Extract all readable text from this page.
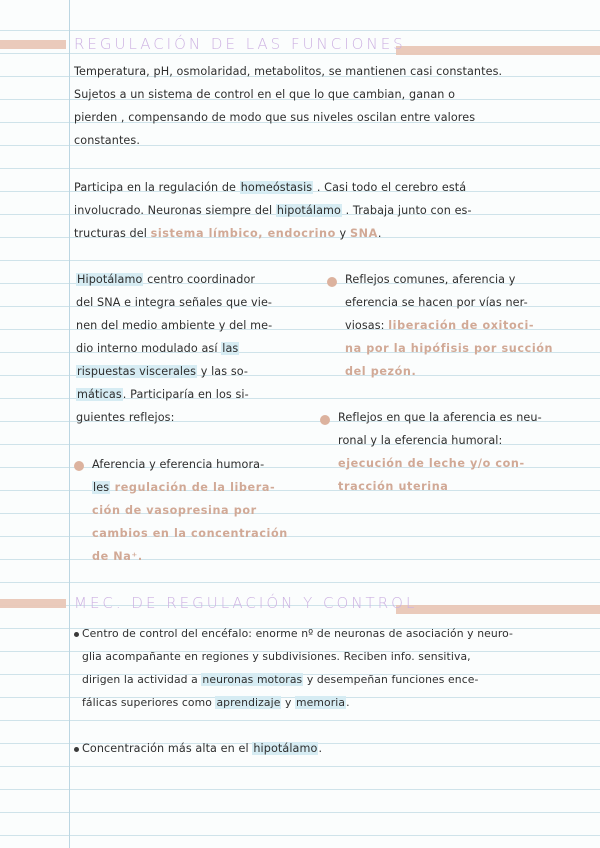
REGULACIÓN DE LAS FUNCIONES
Temperatura, pH, osmolaridad, metabolitos, se mantienen casi constantes.
Sujetos a un sistema de control en el que lo que cambian, ganan o
pierden , compensando de modo que sus niveles oscilan entre valores
constantes.
Participa en la regulación de homeóstasis . Casi todo el cerebro está
involucrado. Neuronas siempre del hipotálamo . Trabaja junto con es-
tructuras del sistema límbico, endocrino y SNA.
Hipotálamo centro coordinador
del SNA e integra señales que vie-
nen del medio ambiente y del me-
dio interno modulado así las
rispuestas viscerales y las so-
máticas. Participaría en los si-
guientes reflejos:
Aferencia y eferencia humora-
les regulación de la libera-
ción de vasopresina por
cambios en la concentración
de Na⁺.
Reflejos comunes, aferencia y
eferencia se hacen por vías ner-
viosas: liberación de oxitoci-
na por la hipófisis por succión
del pezón.
Reflejos en que la aferencia es neu-
ronal y la eferencia humoral:
ejecución de leche y/o con-
tracción uterina
MEC. DE REGULACIÓN Y CONTROL
Centro de control del encéfalo: enorme nº de neuronas de asociación y neuro-
glia acompañante en regiones y subdivisiones. Reciben info. sensitiva,
dirigen la actividad a neuronas motoras y desempeñan funciones ence-
fálicas superiores como aprendizaje y memoria.
Concentración más alta en el hipotálamo.
